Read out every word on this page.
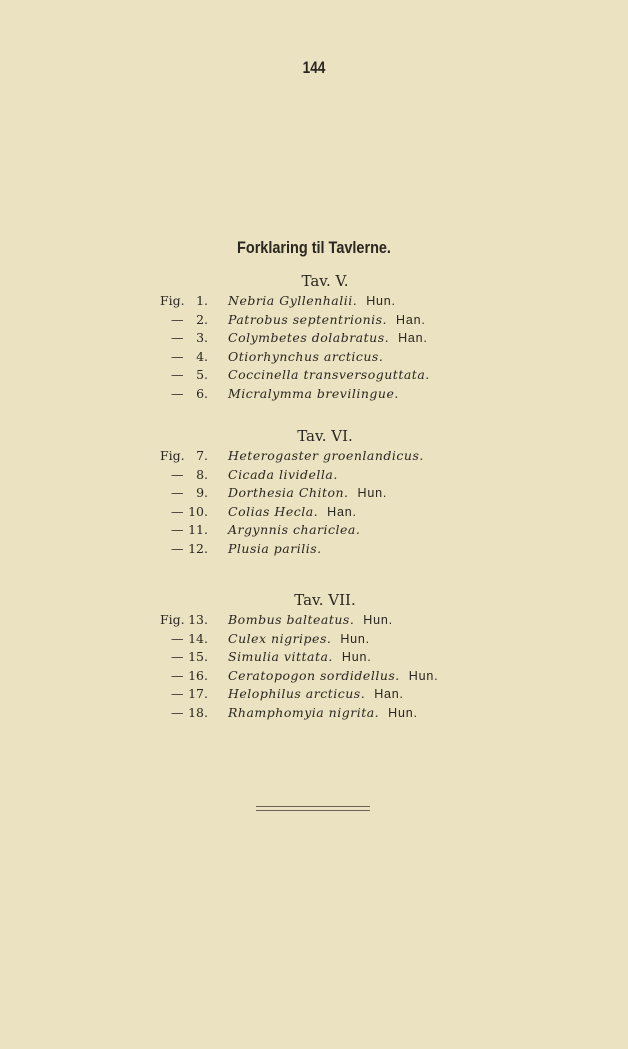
144
Forklaring til Tavlerne.
Tav. V.
Fig. 1. Nebria Gyllenhalii. Hun.
—	2. Patrobus septentrionis. Han.
—	3. Colymbetes dolabratus. Han.
—	4. Otiorhynchus arcticus.
—	5. Coccinella transversoguttata.
—	6. Micralymma brevilingue.
Tav. VI.
Fig. 7. Heterogaster groenlandicus.
—	8. Cicada lividella.
—	9. Dorthesia Chiton. Hun.
— 10. Colias Hecla. Han.
— 11. Argynnis chariclea.
— 12. Plusia parilis.
Tav. VII.
Fig. 13. Bombus balteatus. Hun.
— 14. Culex nigripes. Hun.
— 15. Simulia vittata. Hun.
— 16. Ceratopogon sordidellus. Hun.
— 17. Helophilus arcticus. Han.
— 18. Rhamphomyia nigrita. Hun.
